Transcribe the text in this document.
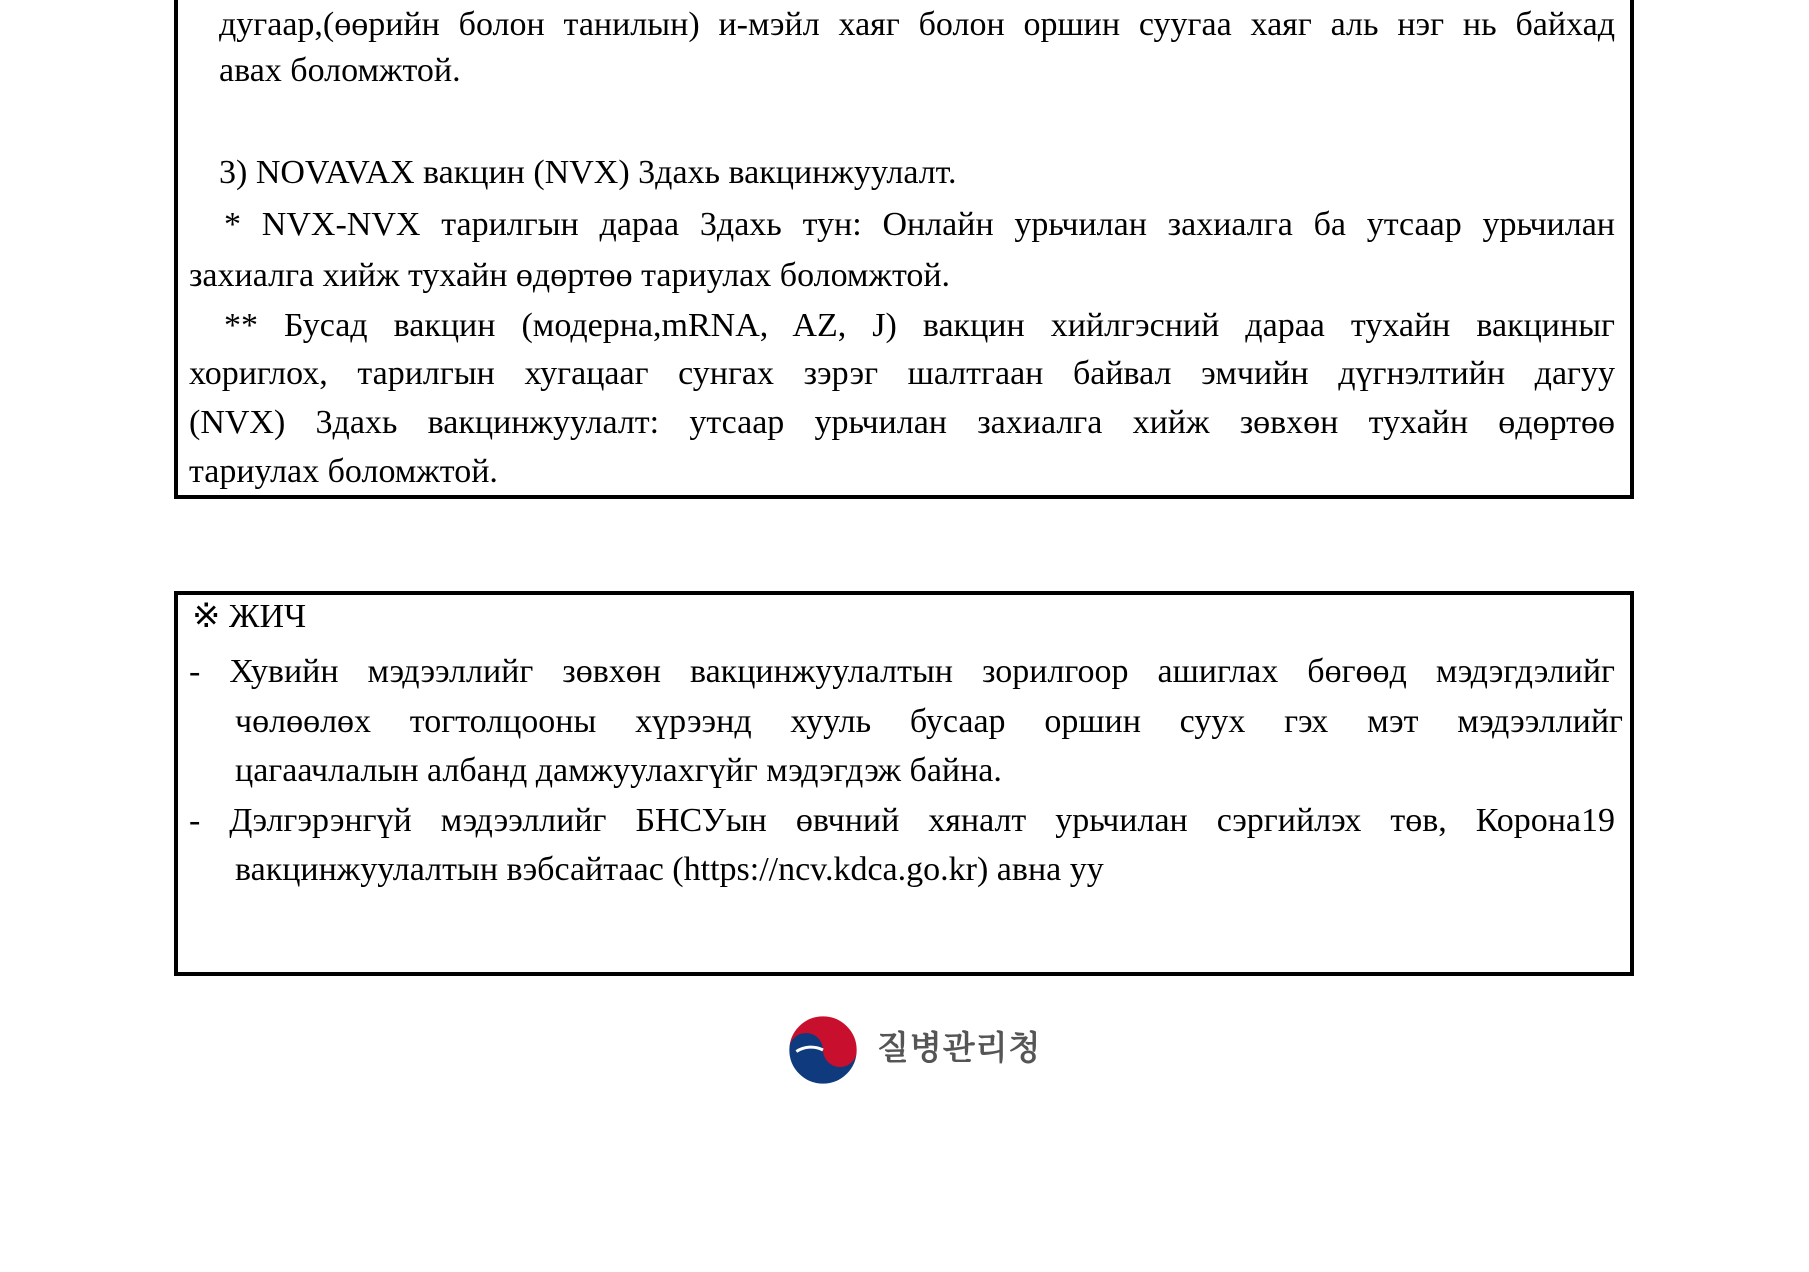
дугаар,(өөрийн болон танилын) и-мэйл хаяг болон оршин суугаа хаяг аль нэг нь байхад
авах боломжтой.
3) NOVAVAX вакцин (NVX) 3дахь вакцинжуулалт.
* NVX-NVX тарилгын дараа 3дахь тун: Онлайн урьчилан захиалга ба утсаар урьчилан
захиалга хийж тухайн өдөртөө тариулах боломжтой.
** Бусад вакцин (модерна,mRNA, AZ, J) вакцин хийлгэсний дараа тухайн вакциныг
хориглох, тарилгын хугацааг сунгах зэрэг шалтгаан байвал эмчийн дүгнэлтийн дагуу
(NVX) 3дахь вакцинжуулалт: утсаар урьчилан захиалга хийж зөвхөн тухайн өдөртөө
тариулах боломжтой.
※ ЖИЧ
- Хувийн мэдээллийг зөвхөн вакцинжуулалтын зорилгоор ашиглах бөгөөд мэдэгдэлийг
чөлөөлөх тогтолцооны хүрээнд хууль бусаар оршин суух гэх мэт мэдээллийг
цагаачлалын албанд дамжуулахгүйг мэдэгдэж байна.
- Дэлгэрэнгүй мэдээллийг БНСУын өвчний хяналт урьчилан сэргийлэх төв, Корона19
вакцинжуулалтын вэбсайтаас (https://ncv.kdca.go.kr) авна уу
질병관리청
